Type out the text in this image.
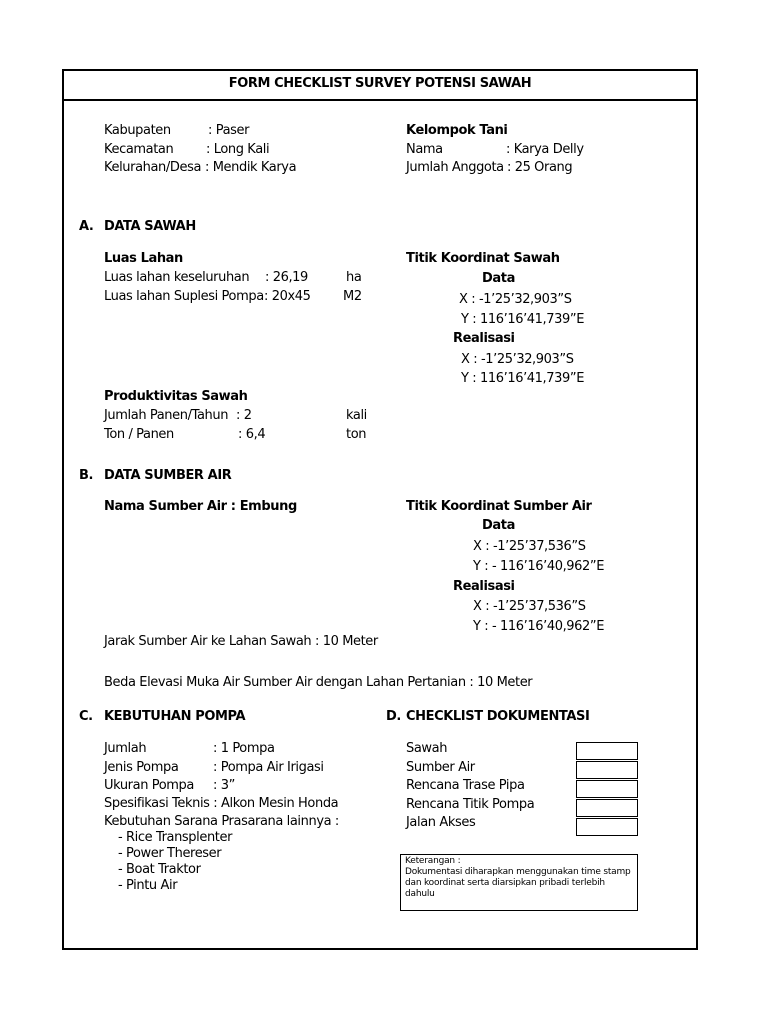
FORM CHECKLIST SURVEY POTENSI SAWAH
Kabupaten	: Paser
Kecamatan	: Long Kali
Kelurahan/Desa : Mendik Karya
Kelompok Tani
Nama	: Karya Delly
Jumlah Anggota : 25 Orang
A. DATA SAWAH
Luas Lahan
Luas lahan keseluruhan : 26,19	ha
Luas lahan Suplesi Pompa : 20x45	M2
Titik Koordinat Sawah
Data
X : -1’25’32,903”S
Y : 116’16’41,739”E
Realisasi
X : -1’25’32,903”S
Y : 116’16’41,739”E
Produktivitas Sawah
Jumlah Panen/Tahun : 2	kali
Ton / Panen	: 6,4	ton
B. DATA SUMBER AIR
Nama Sumber Air : Embung	Titik Koordinat Sumber Air
Data
X : -1’25’37,536”S
Y : - 116’16’40,962”E
Realisasi
X : -1’25’37,536”S
Y : - 116’16’40,962”E
Jarak Sumber Air ke Lahan Sawah : 10 Meter
Beda Elevasi Muka Air Sumber Air dengan Lahan Pertanian : 10 Meter
C. KEBUTUHAN POMPA
Jumlah	: 1 Pompa
Jenis Pompa	: Pompa Air Irigasi
Ukuran Pompa : 3”
Spesifikasi Teknis : Alkon Mesin Honda
Kebutuhan Sarana Prasarana lainnya :
- Rice Transplenter
- Power Thereser
- Boat Traktor
- Pintu Air
D. CHECKLIST DOKUMENTASI
Sawah
Sumber Air
Rencana Trase Pipa
Rencana Titik Pompa
Jalan Akses
Keterangan :
Dokumentasi diharapkan menggunakan time stamp dan koordinat serta diarsipkan pribadi terlebih dahulu
